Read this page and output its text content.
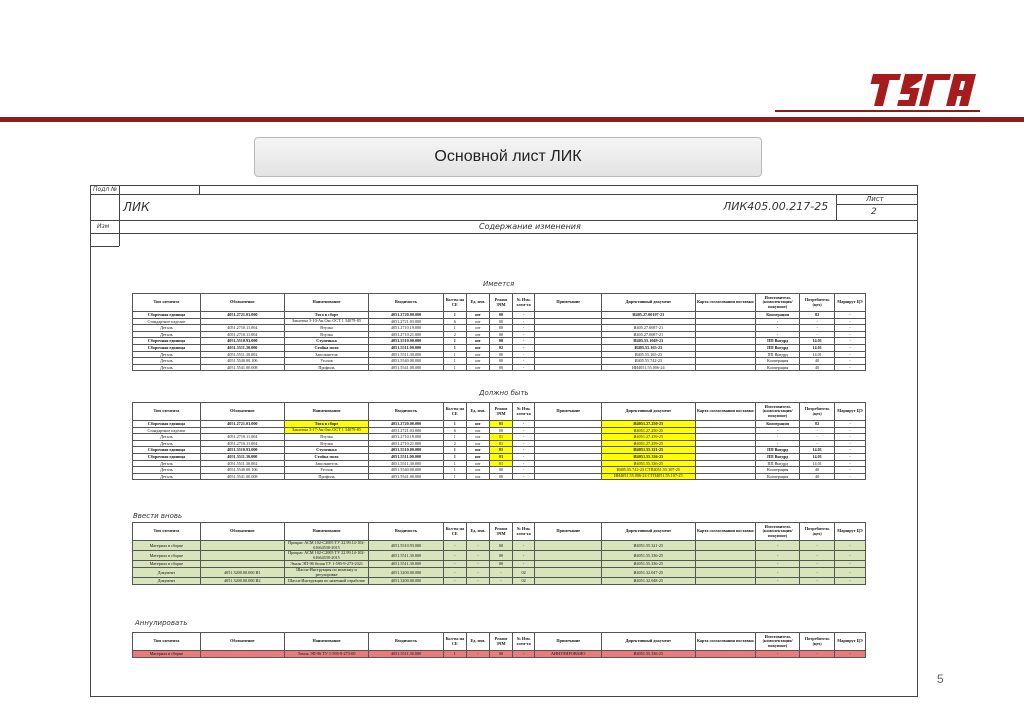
Основной лист ЛИК
Подл №
ЛИК	ЛИК405.00.217-25
Лист
2
Изм	Содержание изменения
Имеется
Должно быть
Ввести вновь
Аннулировать
Тип элемента	Обозначение	Наименование	Входимость	Кол-во на СЕ	Ед. изм.	Режим ЗЧМ	№ Изм. элем-та	Примечание	Директивный документ	Карта согласования поставки	Изготовитель (комплектация/ покупное)	Потребитель (цех)	Маршрут ЦЭ
Сборочная единица	4051.2721.03.000	Тяга в сборе	4051.2720.00.000	1	шт	00	-		И405.27.00107-23		Кооперация	82	-
Стандартное изделие		Заклепка 3-10-Ан.Окс.ОСТ 1 34079-85	4051.2721.03.000	6	шт	00	-				-	-	-
Деталь	4051.2710.11.004	Втулка	4051.2710.19.000	1	шт	00	-		И405.27.0087-21		-	-	-
Деталь	4051.2710.11.004	Втулка	4051.2710.21.000	2	шт	00	-		И405.27.0087-21		-	-	-
Сборочная единица	4051.5510.93.000	Ступенька	4051.5510.00.000	1	шт	00	-		И405.55.1049-23		ПП Внедрд	14.01	-
Сборочная единица	4051.5511.30.000	Стойка поля	4051.5511.00.000	1	шт	02	-		И405.55.165-23		ПП Внедрд	14.01	-
Деталь	4051.5511.30.002	Заполнитель	4051.5511.30.000	1	шт	00	-		И405.55.165-23		ПП Внедрд	14.01	-
Деталь	4051.5540.00.106	Уголок	4051.5540.00.000	1	шт	00	-		И405.55.742-23		Кооперация	40	-
Деталь	4051.5541.00.008	Профиль	4051.5541.00.000	1	шт	00	-		ИИ4051.55.006-24		Кооперация	40	-
Тип элемента	Обозначение	Наименование	Входимость	Кол-во на СЕ	Ед. изм.	Режим ЗЧМ	№ Изм. элем-та	Примечание	Директивный документ	Карта согласования поставки	Изготовитель (комплектация/ покупное)	Потребитель (цех)	Маршрут ЦЭ
Сборочная единица	4051.2721.03.000	Тяга в сборе	4051.2720.00.000	1	шт	01	-		И4051.27.250-25		Кооперация	82	-
Стандартное изделие		Заклепка 3-17-Ан.Окс.ОСТ 1 34079-85	4051.2721.03.000	6	шт	00	-		И4051.27.250-25		-	-	-
Деталь	4051.2710.11.004	Втулка	4051.2710.19.000	1	шт	01	-		И4051.27.259-25		-	-	-
Деталь	4051.2710.11.004	Втулка	4051.2710.21.000	2	шт	01	-		И4051.27.259-25		-	-	-
Сборочная единица	4051.5510.93.000	Ступенька	4051.5510.00.000	1	шт	01	-		И4051.55.321-25		ПП Внедрд	14.01	-
Сборочная единица	4051.5511.30.000	Стойка поля	4051.5511.00.000	1	шт	03	-		И4051.55.336-25		ПП Внедрд	14.01	-
Деталь	4051.5511.30.002	Заполнитель	4051.5511.30.000	1	шт	01	-		И4051.55.336-25		ПП Внедрд	14.01	-
Деталь	4051.5540.00.106	Уголок	4051.5540.00.000	1	шт	00	-		И405.55.742-23 СТП4051.55.107-25		Кооперация	40	-
Деталь	4051.5541.00.008	Профиль	4051.5541.00.000	1	шт	00	-		ИИ4051.55.006-24 СТП4051.55.107-25		Кооперация	40	-
Тип элемента	Обозначение	Наименование	Входимость	Кол-во на СЕ	Ед. изм.	Режим ЗЧМ	№ Изм. элем-та	Примечание	Директивный документ	Карта согласования поставки	Изготовитель (комплектация/ покупное)	Потребитель (цех)	Маршрут ЦЭ
Материал в сборке		Прокрас АСМ 102-С2005 ТУ 22.99.14-102-61664530-2015	4051.5510.93.000	-	-	00	-		И4051.55.321-25		-	-	-
Материал в сборке		Прокрас АСМ 102-С2005 ТУ 22.99.14-102-61664530-2015	4051.5511.30.000	-	-	00	-		И4051.55.336-25		-	-	-
Материал в сборке		Эмаль ЭП-96 белая ТУ 1-595-9-273-2021	4051.5511.30.000	-	-	00	-		И4051.55.336-25		-	-	-
Документ	4051.3200.00.000 И1	Шасси-Инструкция по монтажу и регулировке	4051.3200.00.000	-	-	-	02		И4051.32.047-25		-	-	-
Документ	4051.3200.00.000 И2	Шасси-Инструкция по наземной отработке	4051.3200.00.000	-	-	-	02		И4051.32.048-25		-	-	-
Тип элемента	Обозначение	Наименование	Входимость	Кол-во на СЕ	Ед. изм.	Режим ЗЧМ	№ Изм. элем-та	Примечание	Директивный документ	Карта согласования поставки	Изготовитель (комплектация/ покупное)	Потребитель (цех)	Маршрут ЦЭ
Материал в сборке		Эмаль ЭП-96 ТУ 1-595-9-273-00	4051.5511.30.000	1	-	00	-	АННУЛИРОВАНО	И4051.55.336-25		-	-	-
5
